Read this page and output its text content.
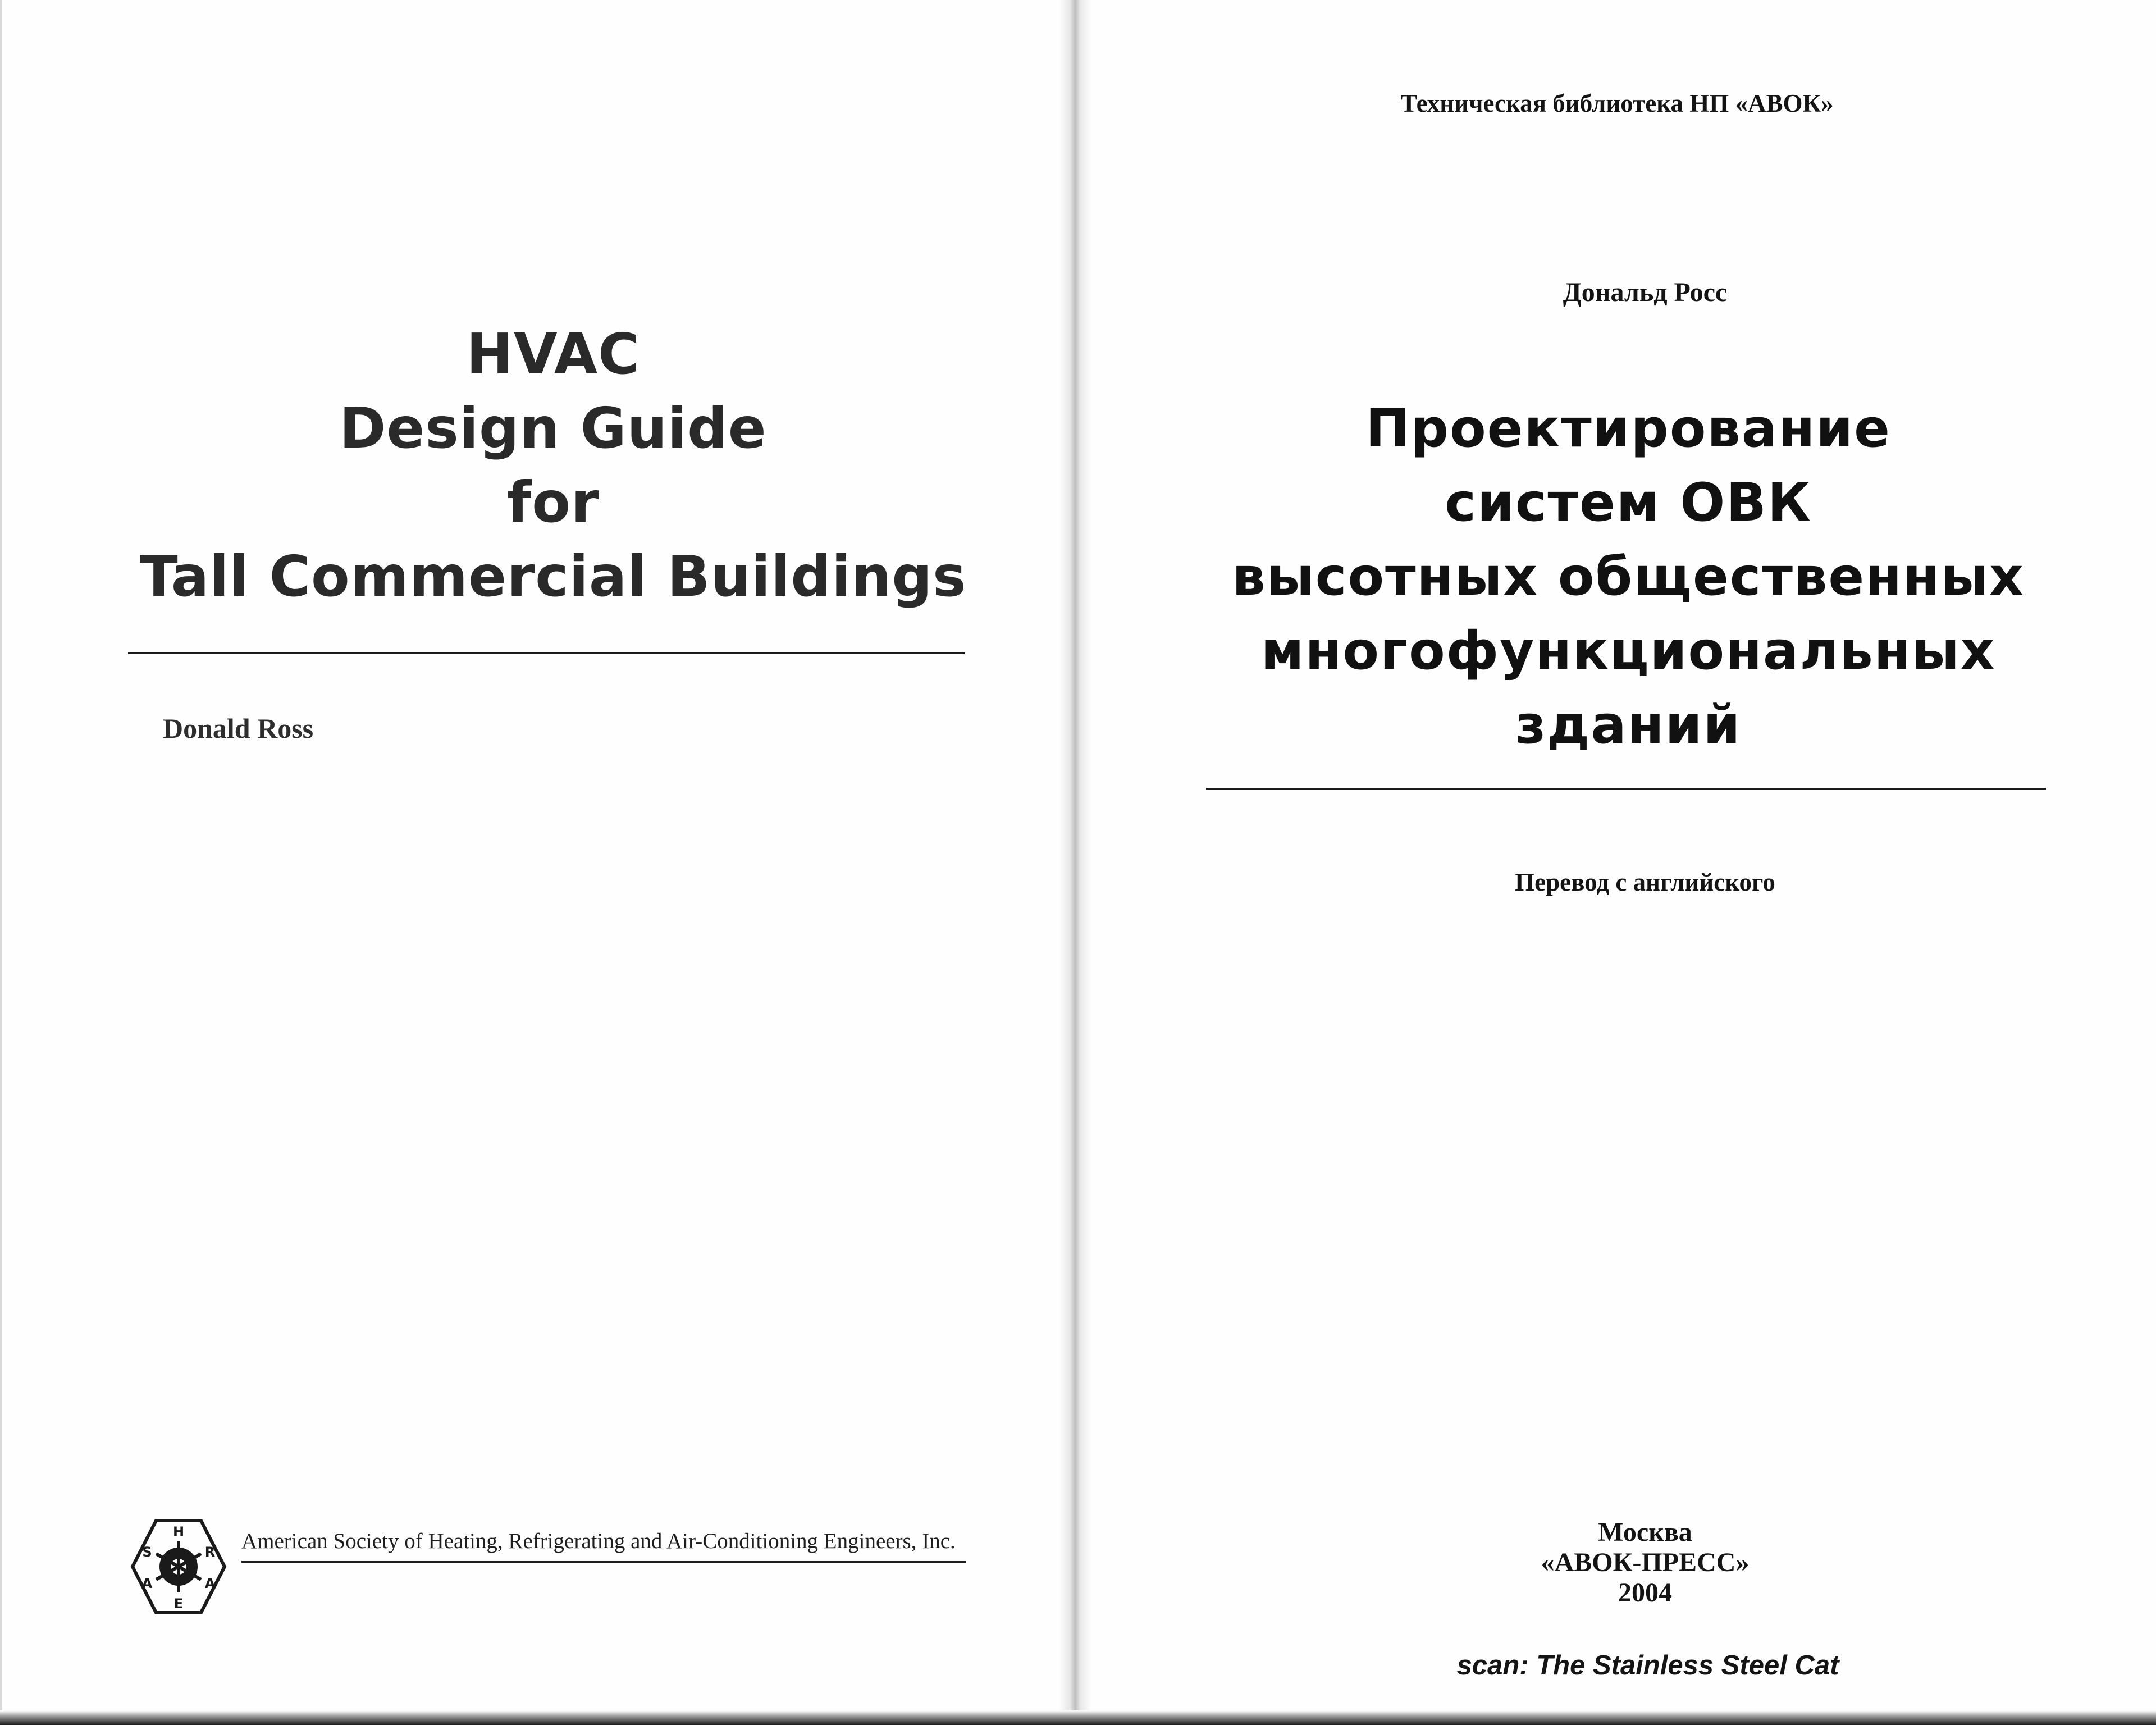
HVAC
Design Guide
for
Tall Commercial Buildings
Donald Ross
H
R
A
E
A
S	American Society of Heating, Refrigerating and Air-Conditioning Engineers, Inc.
Техническая библиотека НП «АВОК»
Дональд Росс
Проектирование
систем ОВК
высотных общественных
многофункциональных
зданий
Перевод с английского
Москва
«АВОК-ПРЕСС»
2004
scan: The Stainless Steel Cat
